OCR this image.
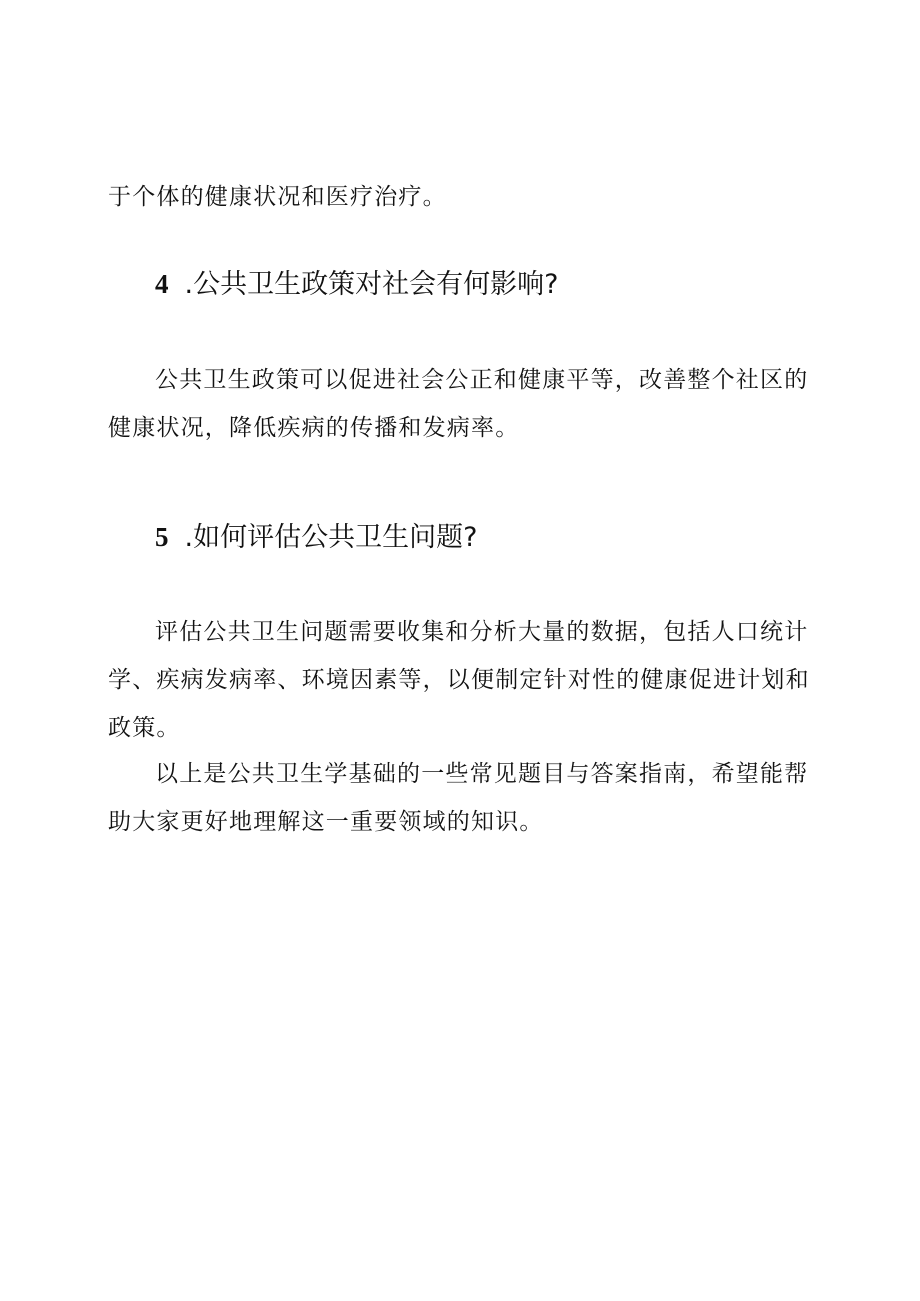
于个体的健康状况和医疗治疗。

4 .公共卫生政策对社会有何影响?

公共卫生政策可以促进社会公正和健康平等，改善整个社区的健康状况，降低疾病的传播和发病率。

5 .如何评估公共卫生问题?

评估公共卫生问题需要收集和分析大量的数据，包括人口统计学、疾病发病率、环境因素等，以便制定针对性的健康促进计划和政策。

以上是公共卫生学基础的一些常见题目与答案指南，希望能帮助大家更好地理解这一重要领域的知识。
